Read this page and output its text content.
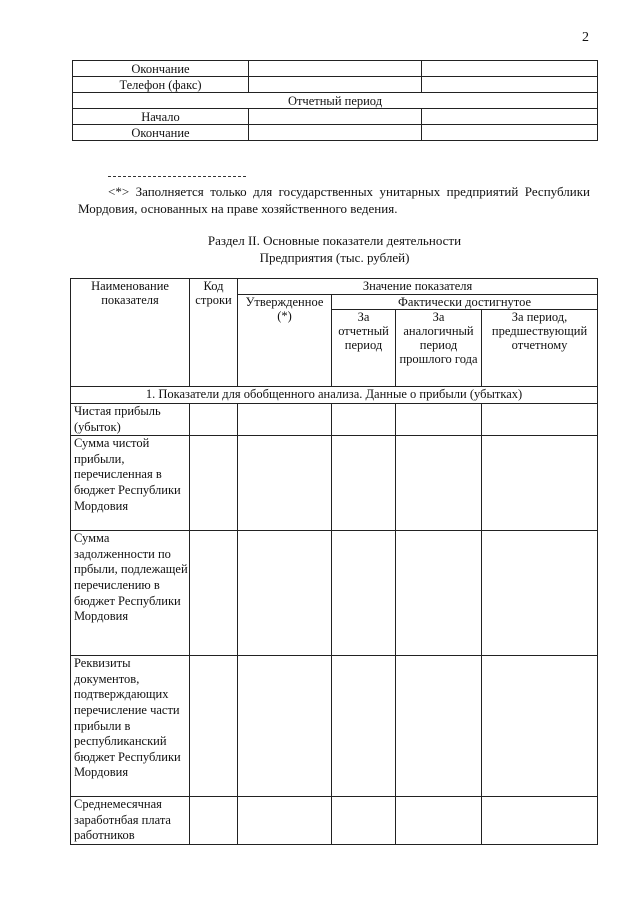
2
Окончание		
Телефон (факс)		
Отчетный период		
Начало		
Окончание		
<*> Заполняется только для государственных унитарных предприятий Республики Мордовия, основанных на праве хозяйственного ведения.
Раздел II. Основные показатели деятельности
Предприятия (тыс. рублей)
Наименование показателя	Код строки	Значение показателя			
		Утвержденное (*)	Фактически достигнутое		
			За отчетный период	За аналогичный период прошлого года	За период, предшествующий отчетному
1. Показатели для обобщенного анализа. Данные о прибыли (убытках)					
Чистая прибыль (убыток)					
Сумма чистой прибыли, перечисленная в бюджет Республики Мордовия					
Сумма задолженности по прбыли, подлежащей перечислению в бюджет Республики Мордовия					
Реквизиты документов, подтверждающих перечисление части прибыли в республиканский бюджет Республики Мордовия					
Среднемесячная заработнбая плата работников					
